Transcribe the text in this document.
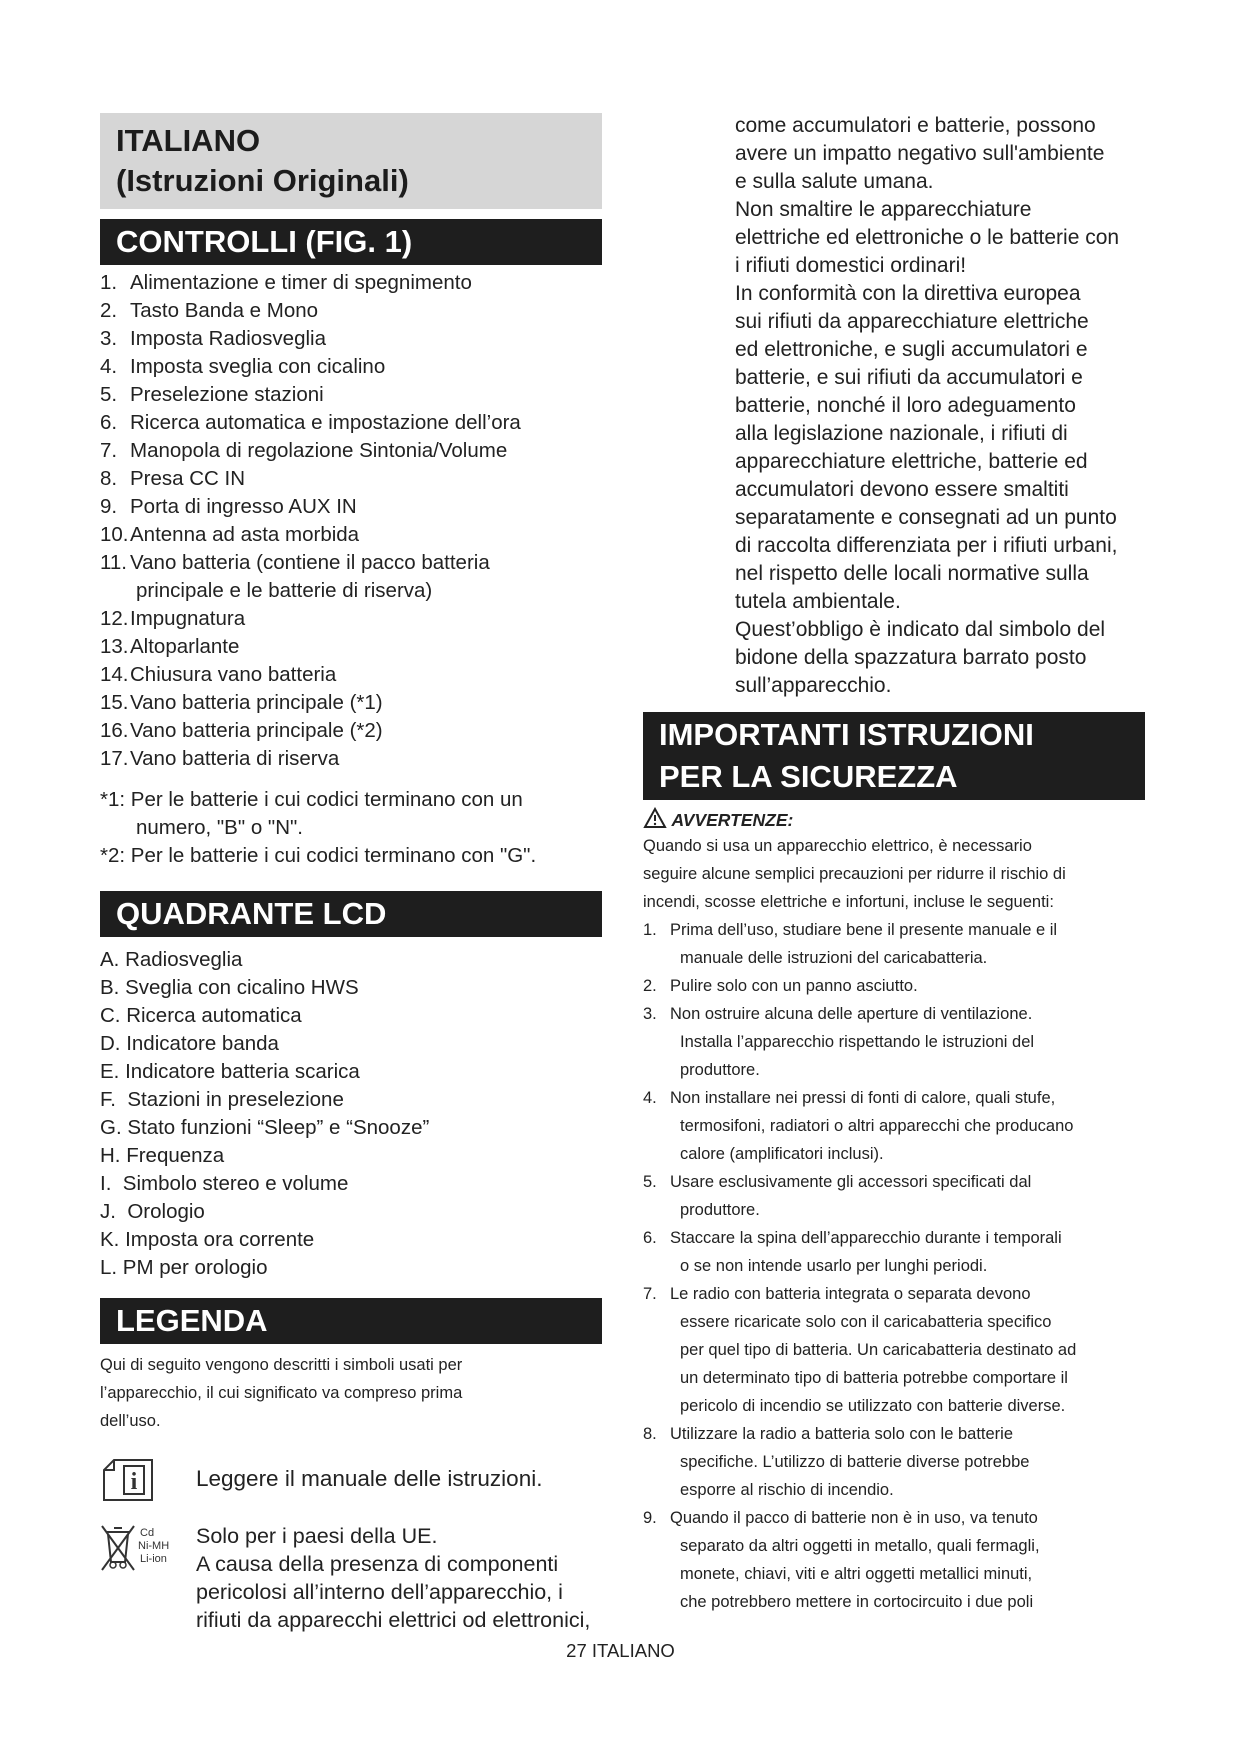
ITALIANO
(Istruzioni Originali)
CONTROLLI (FIG. 1)
1. Alimentazione e timer di spegnimento
2. Tasto Banda e Mono
3. Imposta Radiosveglia
4. Imposta sveglia con cicalino
5. Preselezione stazioni
6. Ricerca automatica e impostazione dell’ora
7. Manopola di regolazione Sintonia/Volume
8. Presa CC IN
9. Porta di ingresso AUX IN
10.Antenna ad asta morbida
11. Vano batteria (contiene il pacco batteria
principale e le batterie di riserva)
12.Impugnatura
13.Altoparlante
14.Chiusura vano batteria
15.Vano batteria principale (*1)
16.Vano batteria principale (*2)
17.Vano batteria di riserva
*1: Per le batterie i cui codici terminano con un
numero, "B" o "N".
*2: Per le batterie i cui codici terminano con "G".
QUADRANTE LCD
A. Radiosveglia
B. Sveglia con cicalino HWS
C. Ricerca automatica
D. Indicatore banda
E. Indicatore batteria scarica
F.  Stazioni in preselezione
G. Stato funzioni “Sleep” e “Snooze”
H. Frequenza
I.  Simbolo stereo e volume
J.  Orologio
K. Imposta ora corrente
L. PM per orologio
LEGENDA
Qui di seguito vengono descritti i simboli usati per
l’apparecchio, il cui significato va compreso prima
dell’uso.
i	Leggere il manuale delle istruzioni.
Cd
Ni-MH
Li-ion
Solo per i paesi della UE.
A causa della presenza di componenti
pericolosi all’interno dell’apparecchio, i
rifiuti da apparecchi elettrici od elettronici,
come accumulatori e batterie, possono
avere un impatto negativo sull'ambiente
e sulla salute umana.
Non smaltire le apparecchiature
elettriche ed elettroniche o le batterie con
i rifiuti domestici ordinari!
In conformità con la direttiva europea
sui rifiuti da apparecchiature elettriche
ed elettroniche, e sugli accumulatori e
batterie, e sui rifiuti da accumulatori e
batterie, nonché il loro adeguamento
alla legislazione nazionale, i rifiuti di
apparecchiature elettriche, batterie ed
accumulatori devono essere smaltiti
separatamente e consegnati ad un punto
di raccolta differenziata per i rifiuti urbani,
nel rispetto delle locali normative sulla
tutela ambientale.
Quest’obbligo è indicato dal simbolo del
bidone della spazzatura barrato posto
sull’apparecchio.
IMPORTANTI ISTRUZIONI
PER LA SICUREZZA
AVVERTENZE:
Quando si usa un apparecchio elettrico, è necessario
seguire alcune semplici precauzioni per ridurre il rischio di
incendi, scosse elettriche e infortuni, incluse le seguenti:
1. Prima dell’uso, studiare bene il presente manuale e il
manuale delle istruzioni del caricabatteria.
2. Pulire solo con un panno asciutto.
3. Non ostruire alcuna delle aperture di ventilazione.
Installa l’apparecchio rispettando le istruzioni del
produttore.
4. Non installare nei pressi di fonti di calore, quali stufe,
termosifoni, radiatori o altri apparecchi che producano
calore (amplificatori inclusi).
5. Usare esclusivamente gli accessori specificati dal
produttore.
6. Staccare la spina dell’apparecchio durante i temporali
o se non intende usarlo per lunghi periodi.
7. Le radio con batteria integrata o separata devono
essere ricaricate solo con il caricabatteria specifico
per quel tipo di batteria. Un caricabatteria destinato ad
un determinato tipo di batteria potrebbe comportare il
pericolo di incendio se utilizzato con batterie diverse.
8. Utilizzare la radio a batteria solo con le batterie
specifiche. L’utilizzo di batterie diverse potrebbe
esporre al rischio di incendio.
9. Quando il pacco di batterie non è in uso, va tenuto
separato da altri oggetti in metallo, quali fermagli,
monete, chiavi, viti e altri oggetti metallici minuti,
che potrebbero mettere in cortocircuito i due poli
27 ITALIANO
